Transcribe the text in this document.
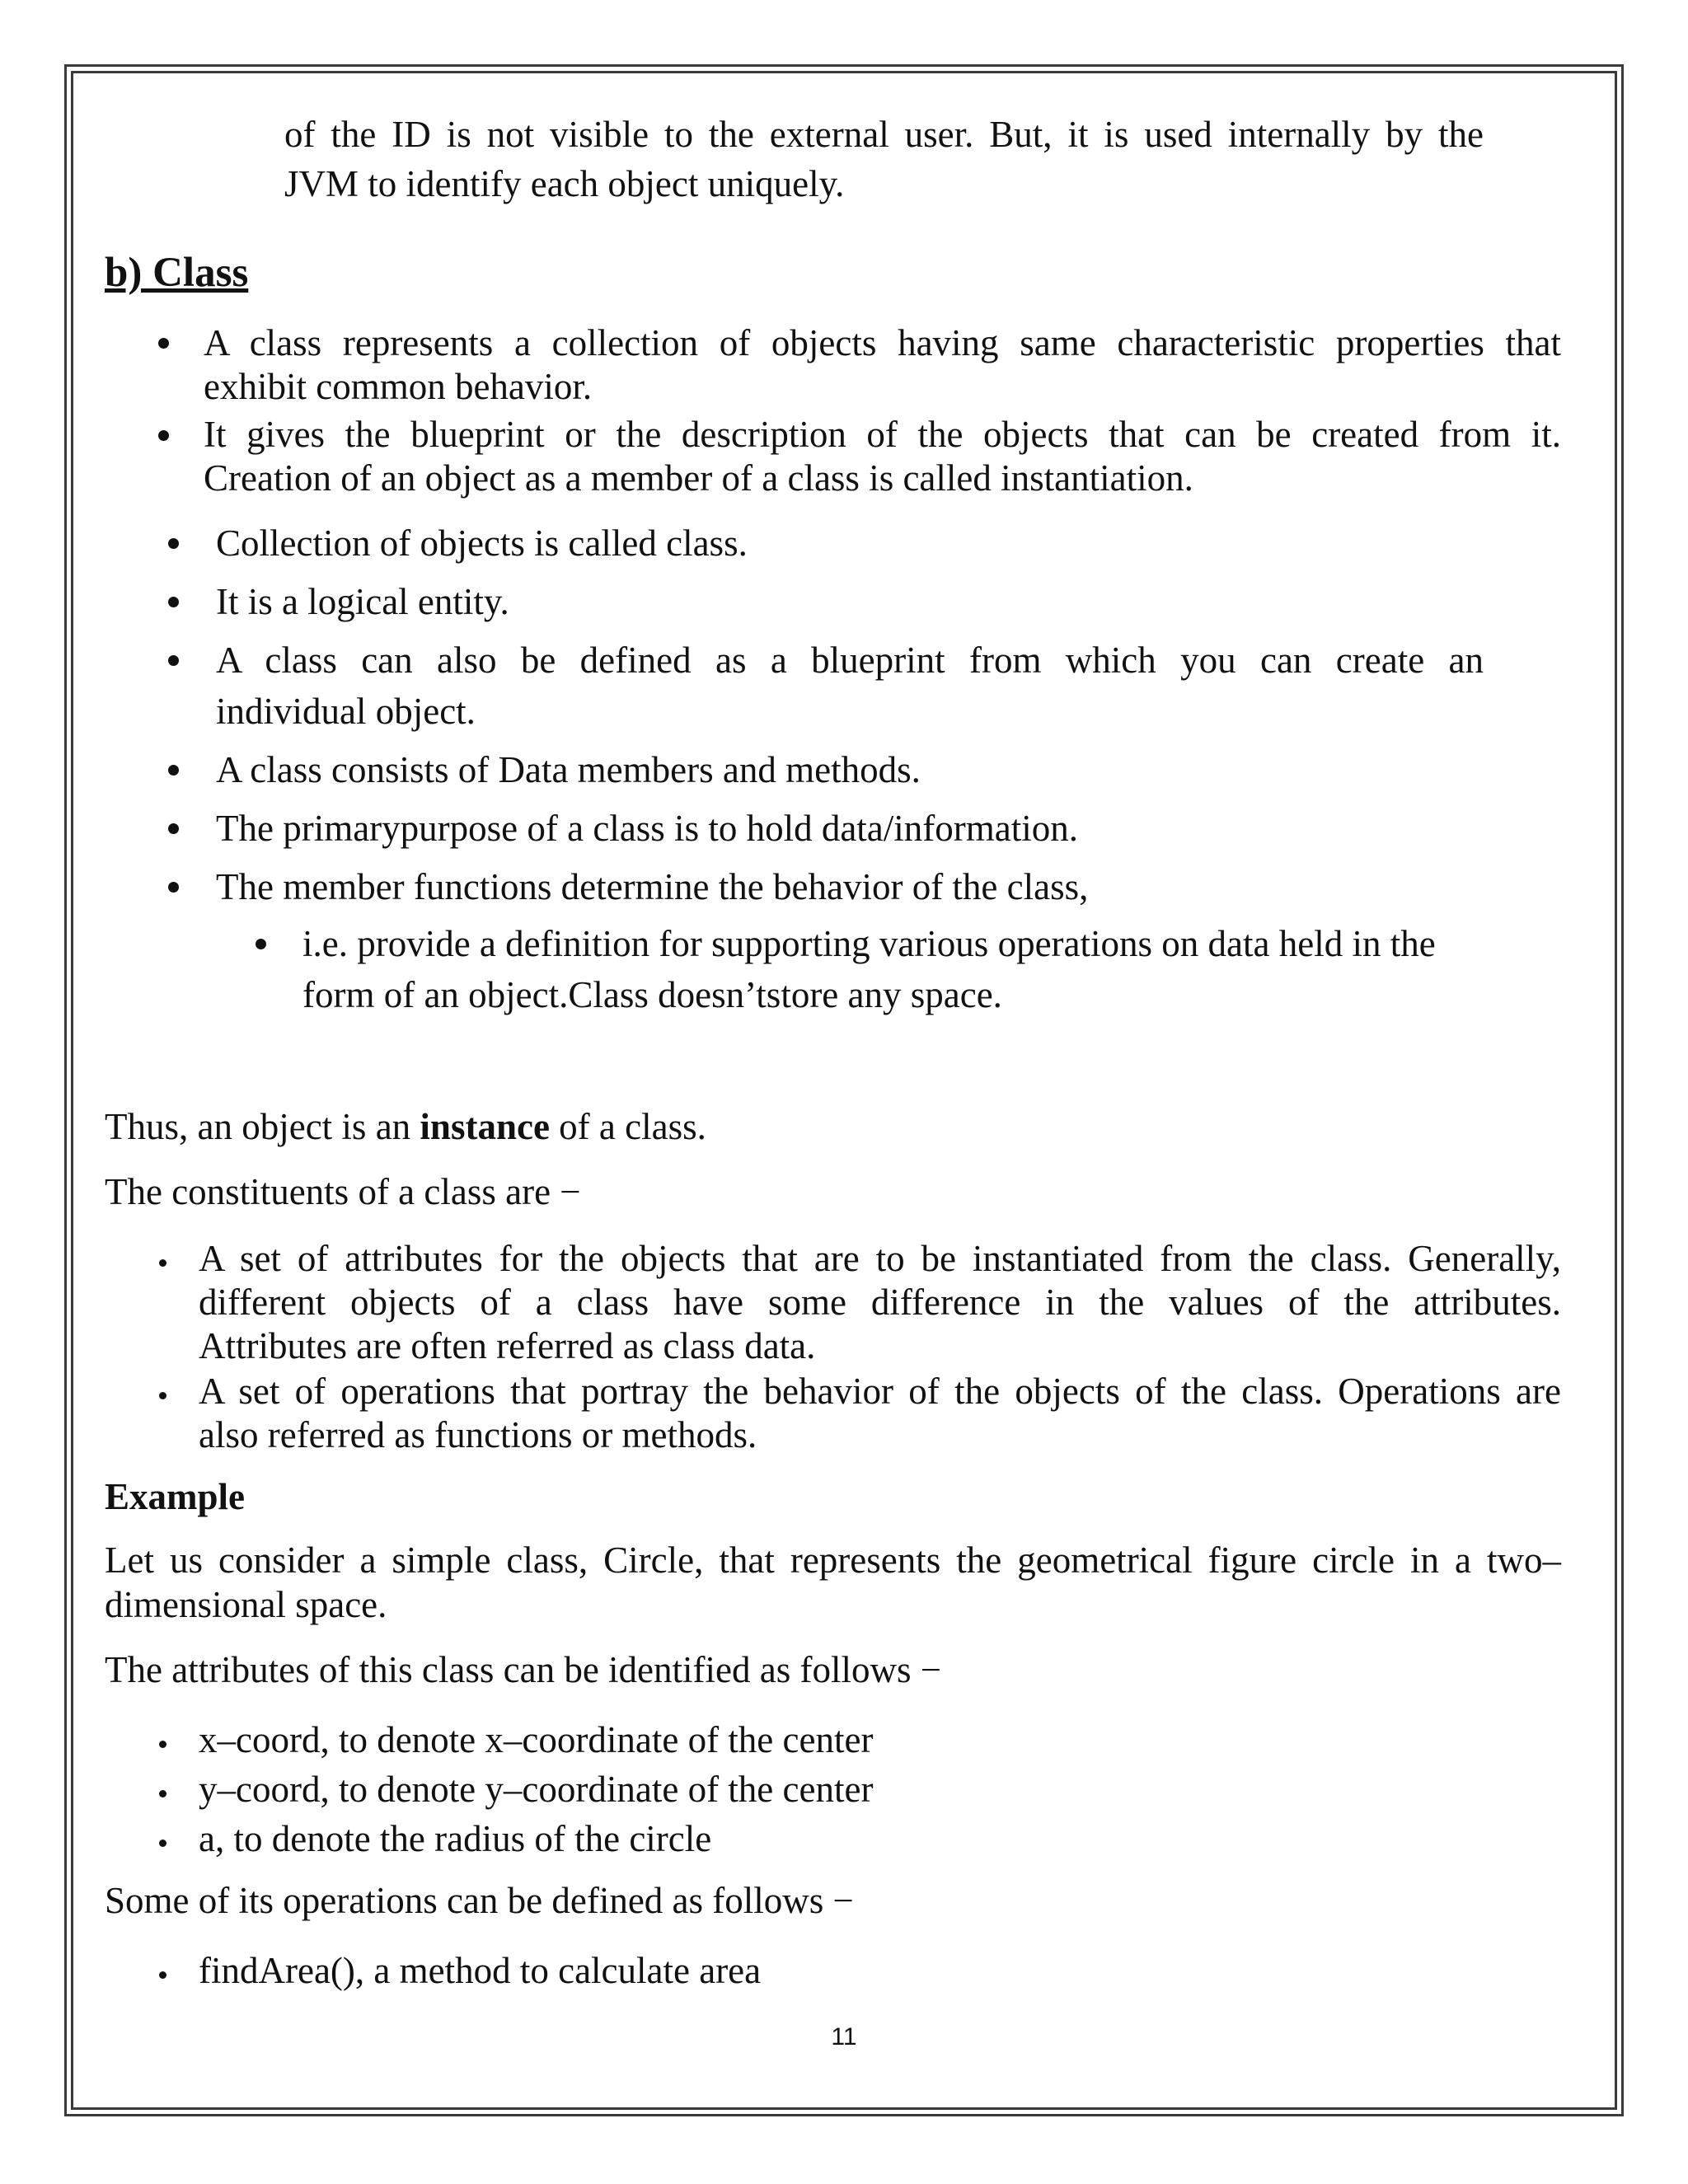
of the ID is not visible to the external user. But, it is used internally by the
JVM to identify each object uniquely.
b) Class
A class represents a collection of objects having same characteristic properties that
exhibit common behavior.
It gives the blueprint or the description of the objects that can be created from it.
Creation of an object as a member of a class is called instantiation.
Collection of objects is called class.
It is a logical entity.
A class can also be defined as a blueprint from which you can create an
individual object.
A class consists of Data members and methods.
The primarypurpose of a class is to hold data/information.
The member functions determine the behavior of the class,
i.e. provide a definition for supporting various operations on data held in the
form of an object.Class doesn’tstore any space.
Thus, an object is an instance of a class.
The constituents of a class are −
A set of attributes for the objects that are to be instantiated from the class. Generally,
different objects of a class have some difference in the values of the attributes.
Attributes are often referred as class data.
A set of operations that portray the behavior of the objects of the class. Operations are
also referred as functions or methods.
Example
Let us consider a simple class, Circle, that represents the geometrical figure circle in a two–
dimensional space.
The attributes of this class can be identified as follows −
x–coord, to denote x–coordinate of the center
y–coord, to denote y–coordinate of the center
a, to denote the radius of the circle
Some of its operations can be defined as follows −
findArea(), a method to calculate area
11
